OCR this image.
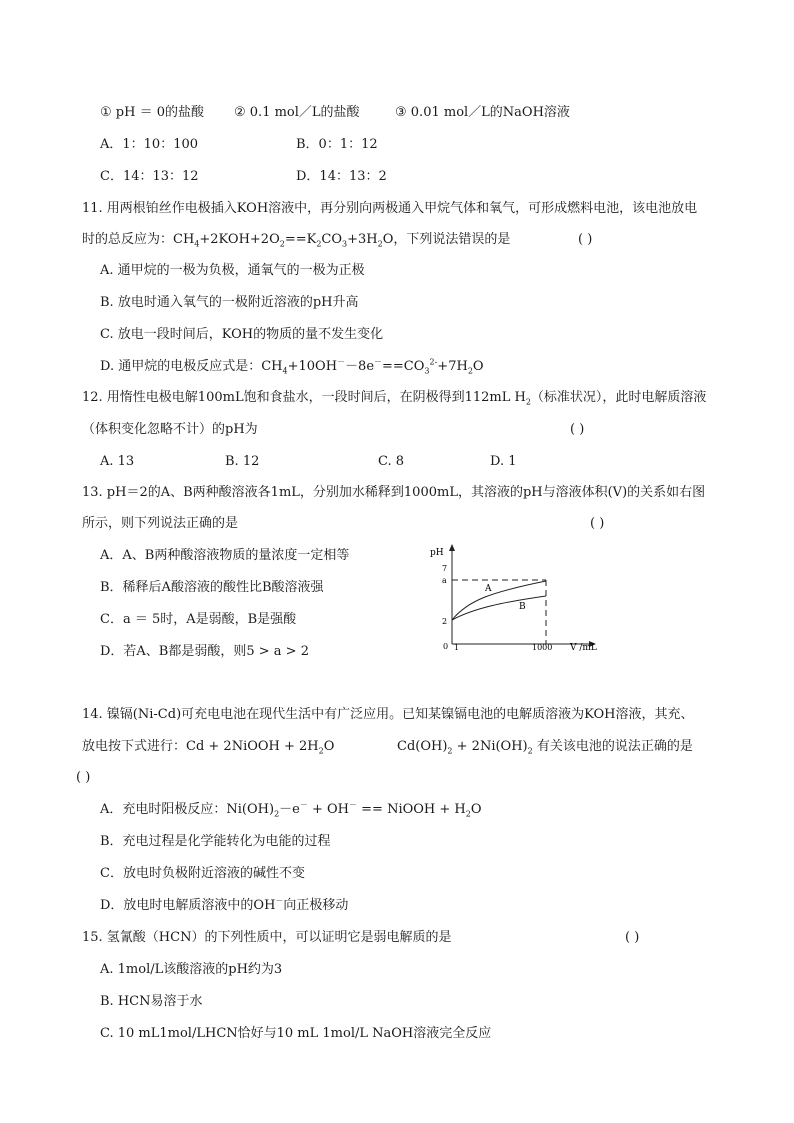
① pH ＝ 0的盐酸 ② 0.1 mol／L的盐酸	③ 0.01 mol／L的NaOH溶液
A．1：10：100	B．0：1：12
C．14：13：12	D．14：13：2
11. 用两根铂丝作电极插入KOH溶液中，再分别向两极通入甲烷气体和氧气，可形成燃料电池，该电池放电
时的总反应为：$CH_4+2KOH+2O_2==K_2CO_3+3H_2O$，下列说法错误的是	( )
A. 通甲烷的一极为负极，通氧气的一极为正极
B. 放电时通入氧气的一极附近溶液的pH升高
C. 放电一段时间后，KOH的物质的量不发生变化
D. 通甲烷的电极反应式是：$CH_4+10OH^--8e^-==CO_3^{2-}+7H_2O$
12. 用惰性电极电解100mL饱和食盐水，一段时间后，在阴极得到112mL $H_2$（标准状况），此时电解质溶液
（体积变化忽略不计）的pH为	( )
A. 13	B. 12	C. 8	D. 1
13. pH＝2的A、B两种酸溶液各1mL，分别加水稀释到1000mL，其溶液的pH与溶液体积(V)的关系如右图
所示，则下列说法正确的是	( )
A．A、B两种酸溶液物质的量浓度一定相等
B．稀释后A酸溶液的酸性比B酸溶液强
C．a ＝ 5时，A是弱酸，B是强酸
D．若A、B都是弱酸，则5 > a > 2
pH
V /mL
0 1	1000
7
a
2
A
B
14. 镍镉(Ni-Cd)可充电电池在现代生活中有广泛应用。已知某镍镉电池的电解质溶液为KOH溶液，其充、
放电按下式进行：Cd + 2NiOOH + $2H_2O$	$Cd(OH)_2 + 2Ni(OH)_2$ 有关该电池的说法正确的是
( )
A．充电时阳极反应：$Ni(OH)_2-e^- + OH^-$ == NiOOH + $H_2O$
B．充电过程是化学能转化为电能的过程
C．放电时负极附近溶液的碱性不变
D．放电时电解质溶液中的OH－向正极移动
15. 氢氰酸（HCN）的下列性质中，可以证明它是弱电解质的是	( )
A. 1mol/L该酸溶液的pH约为3
B. HCN易溶于水
C. 10 mL1mol/LHCN恰好与10 mL 1mol/L NaOH溶液完全反应
